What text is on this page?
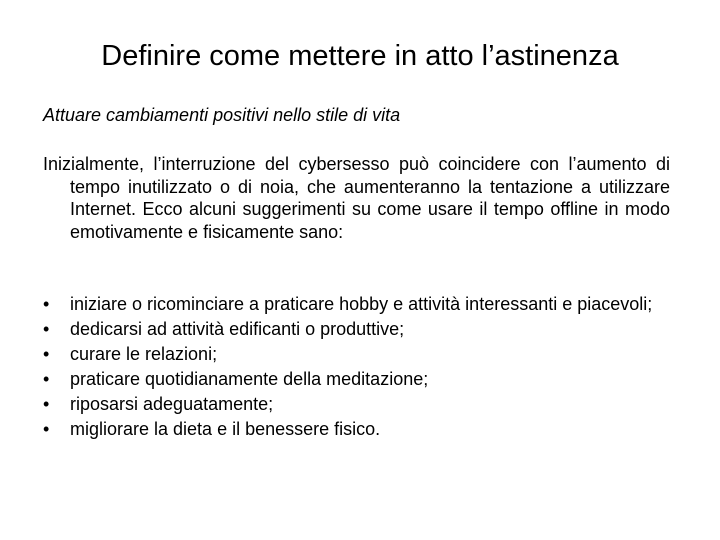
Definire come mettere in atto l’astinenza

Attuare cambiamenti positivi nello stile di vita

Inizialmente, l’interruzione del cybersesso può coincidere con l’aumento di tempo inutilizzato o di noia, che aumenteranno la tentazione a utilizzare Internet. Ecco alcuni suggerimenti su come usare il tempo offline in modo emotivamente e fisicamente sano:

• iniziare o ricominciare a praticare hobby e attività interessanti e piacevoli;
• dedicarsi ad attività edificanti o produttive;
• curare le relazioni;
• praticare quotidianamente della meditazione;
• riposarsi adeguatamente;
• migliorare la dieta e il benessere fisico.
